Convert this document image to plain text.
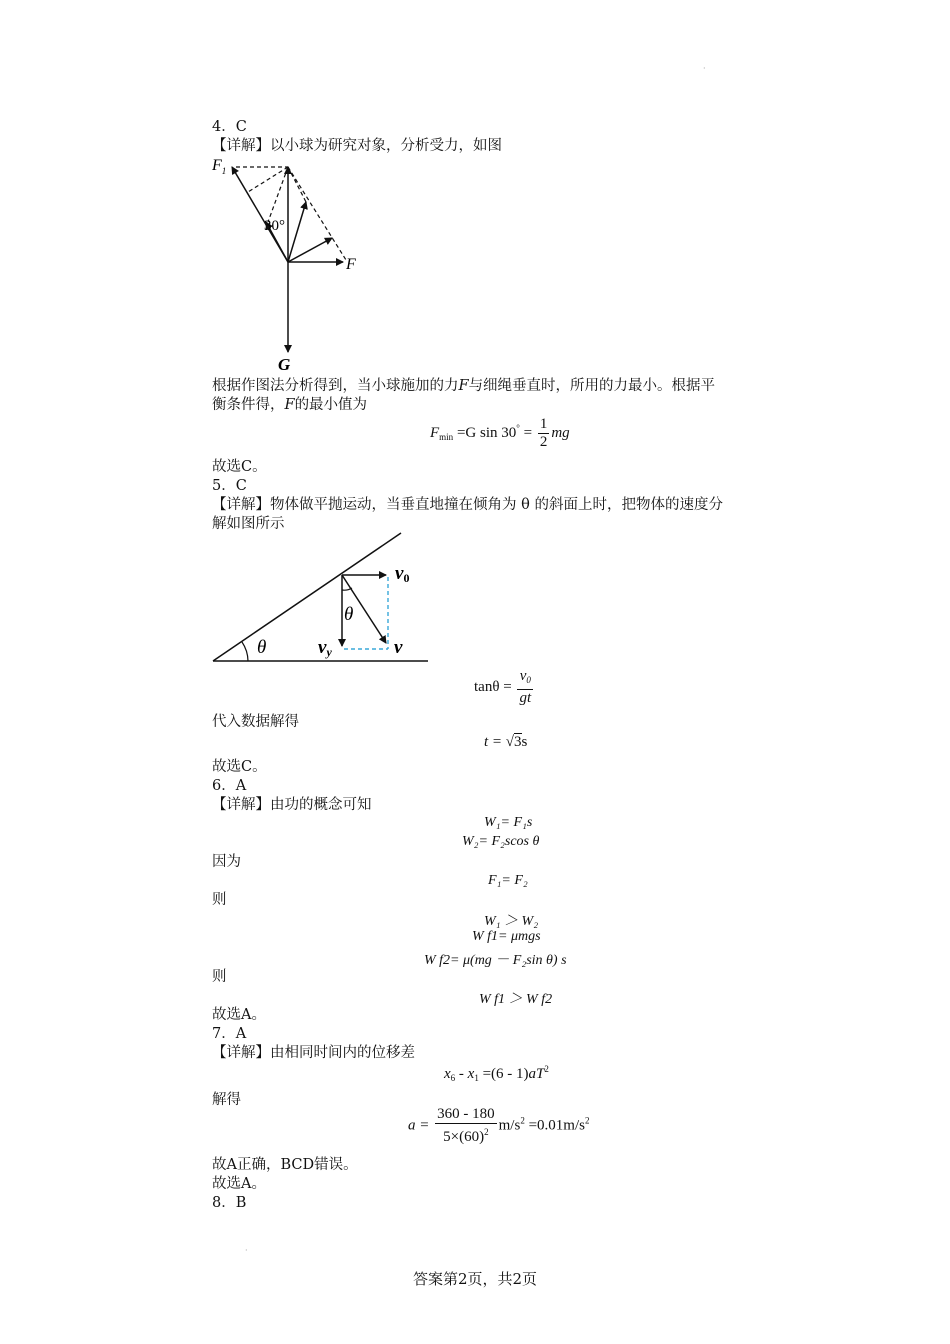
·
4．C
【详解】以小球为研究对象，分析受力，如图
$F_1$
30°
F
G
根据作图法分析得到，当小球施加的力F与细绳垂直时，所用的力最小。根据平
衡条件得，F的最小值为
$F_{min} =G$ $\sin 30^\circ = \frac{1}{2}$ mg
故选C。
5．C
【详解】物体做平抛运动，当垂直地撞在倾角为 θ 的斜面上时，把物体的速度分
解如图所示
v0
θ
θ	vy	v
$\tan\theta = \frac{v_0}{gt}$
代入数据解得
t = √3s
故选C。
6．A
【详解】由功的概念可知
W₁= F₁s
W₂= F₂scos θ
因为
F₁= F₂
则
W₁ ＞ W₂
W f1= μmgs
W f2= μ(mg － F₂sin θ) s
则
W f1 ＞ W f2
故选A。
7．A
【详解】由相同时间内的位移差
$x_6 - x_1 =(6 - 1)aT^2$
解得
$a = \frac{360 - 180}{5\times(60)^2} m/s^2 =0.01m/s^2$
故A正确，BCD错误。
故选A。
8．B
·
答案第2页，共2页
